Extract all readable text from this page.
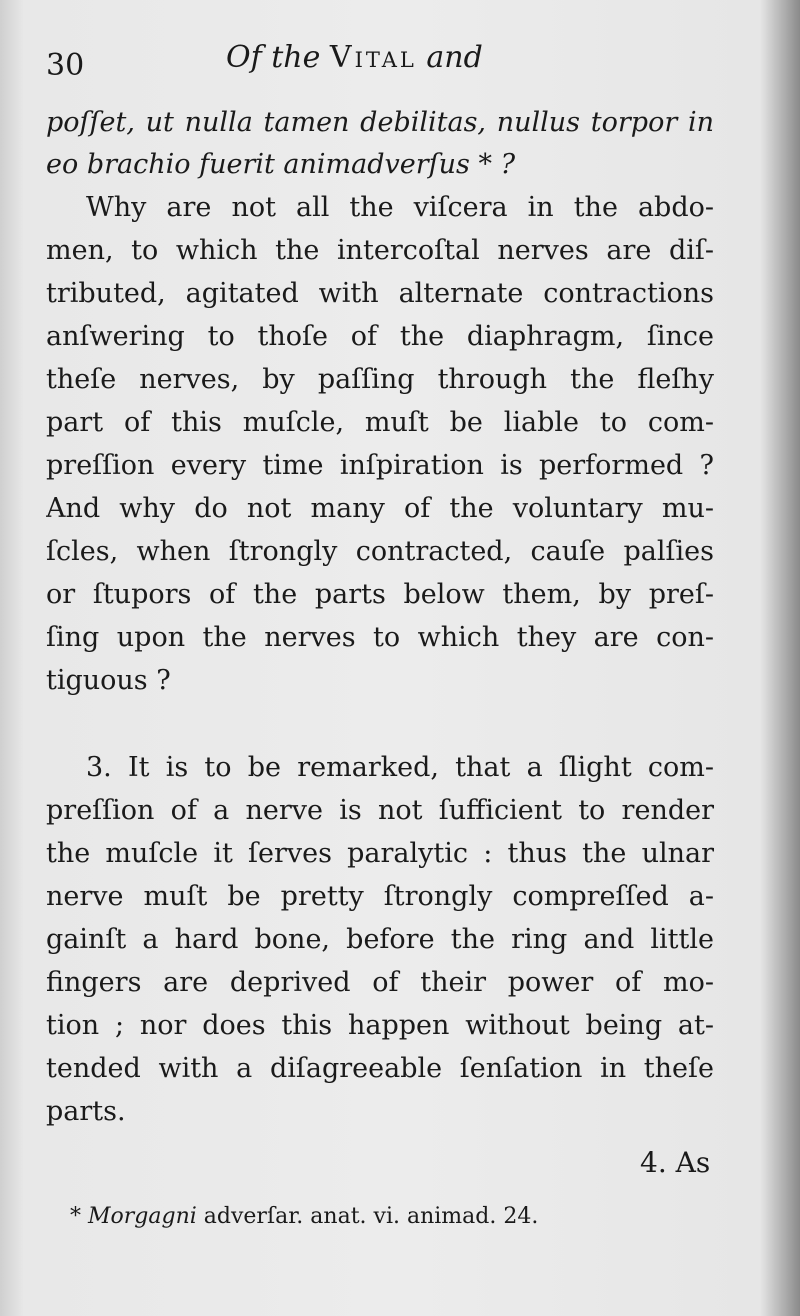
30	Of the Vital and
poſſet, ut nulla tamen debilitas, nullus torpor in
eo brachio fuerit animadverſus * ?
Why are not all the viſcera in the abdo-
men, to which the intercoſtal nerves are diſ-
tributed, agitated with alternate contractions
anſwering to thoſe of the diaphragm, ſince
theſe nerves, by paſſing through the fleſhy
part of this muſcle, muſt be liable to com-
preſſion every time inſpiration is performed ?
And why do not many of the voluntary mu-
ſcles, when ſtrongly contracted, cauſe palſies
or ſtupors of the parts below them, by preſ-
ſing upon the nerves to which they are con-
tiguous ?
3. It is to be remarked, that a ſlight com-
preſſion of a nerve is not ſufficient to render
the muſcle it ſerves paralytic : thus the ulnar
nerve muſt be pretty ſtrongly compreſſed a-
gainſt a hard bone, before the ring and little
fingers are deprived of their power of mo-
tion ; nor does this happen without being at-
tended with a diſagreeable ſenſation in theſe
parts.
4. As
* Morgagni adverſar. anat. vi. animad. 24.
